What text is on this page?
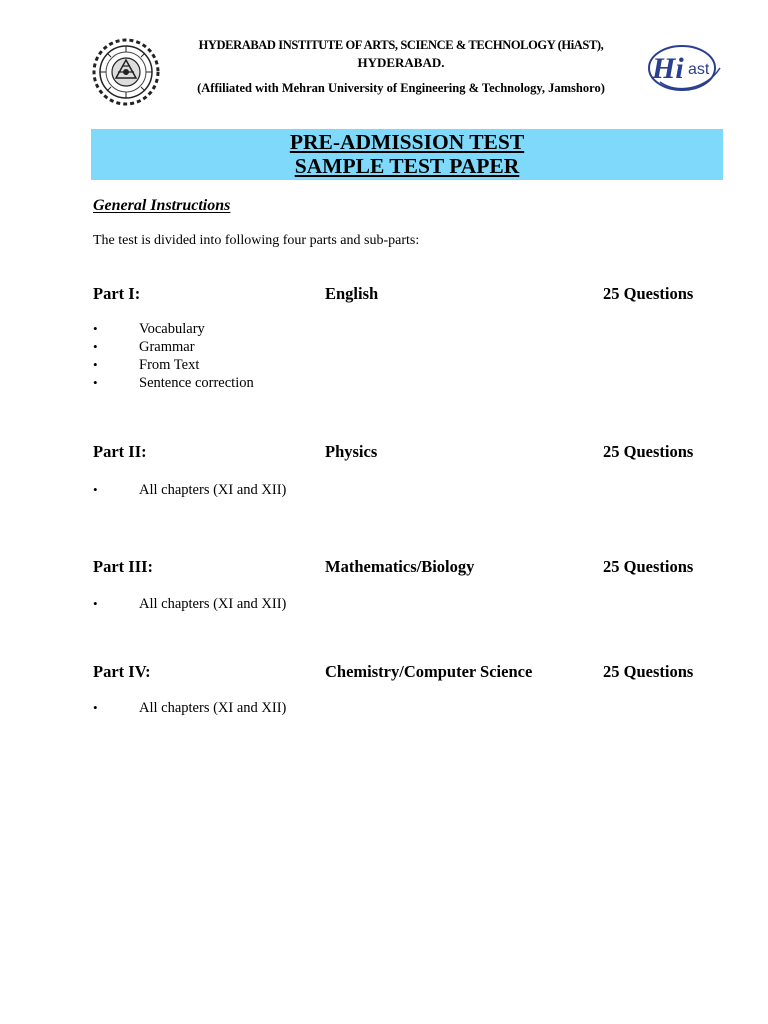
HYDERABAD INSTITUTE OF ARTS, SCIENCE & TECHNOLOGY (HiAST),
HYDERABAD.
(Affiliated with Mehran University of Engineering & Technology, Jamshoro)
Hi ast
PRE-ADMISSION TEST
SAMPLE TEST PAPER
General Instructions
The test is divided into following four parts and sub-parts:
Part I:	English	25 Questions
•	Vocabulary
•	Grammar
•	From Text
•	Sentence correction
Part II:	Physics	25 Questions
•	All chapters (XI and XII)
Part III:	Mathematics/Biology	25 Questions
•	All chapters (XI and XII)
Part IV:	Chemistry/Computer Science	25 Questions
•	All chapters (XI and XII)
